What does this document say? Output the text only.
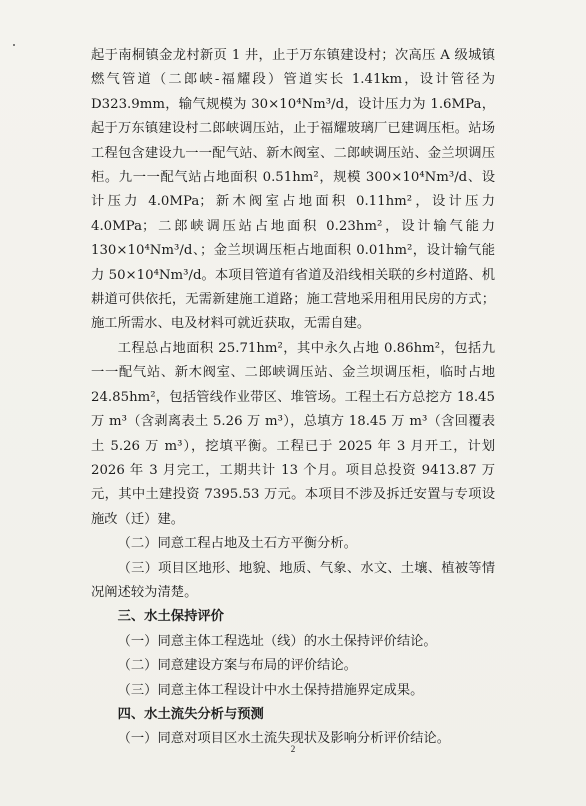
起于南桐镇金龙村新页 1 井，止于万东镇建设村；次高压 A 级城镇燃气管道（二郎峡-福耀段）管道实长 1.41km，设计管径为 D323.9mm，输气规模为 30×10⁴Nm³/d，设计压力为 1.6MPa，起于万东镇建设村二郎峡调压站，止于福耀玻璃厂已建调压柜。站场工程包含建设九一一配气站、新木阀室、二郎峡调压站、金兰坝调压柜。九一一配气站占地面积 0.51hm²，规模 300×10⁴Nm³/d、设计压力 4.0MPa；新木阀室占地面积 0.11hm²，设计压力 4.0MPa；二郎峡调压站占地面积 0.23hm²，设计输气能力 130×10⁴Nm³/d、；金兰坝调压柜占地面积 0.01hm²，设计输气能力 50×10⁴Nm³/d。本项目管道有省道及沿线相关联的乡村道路、机耕道可供依托，无需新建施工道路；施工营地采用租用民房的方式；施工所需水、电及材料可就近获取，无需自建。

工程总占地面积 25.71hm²，其中永久占地 0.86hm²，包括九一一配气站、新木阀室、二郎峡调压站、金兰坝调压柜，临时占地 24.85hm²，包括管线作业带区、堆管场。工程土石方总挖方 18.45 万 m³（含剥离表土 5.26 万 m³），总填方 18.45 万 m³（含回覆表土 5.26 万 m³），挖填平衡。工程已于 2025 年 3 月开工，计划 2026 年 3 月完工，工期共计 13 个月。项目总投资 9413.87 万元，其中土建投资 7395.53 万元。本项目不涉及拆迁安置与专项设施改（迁）建。

（二）同意工程占地及土石方平衡分析。

（三）项目区地形、地貌、地质、气象、水文、土壤、植被等情况阐述较为清楚。

三、水土保持评价

（一）同意主体工程选址（线）的水土保持评价结论。

（二）同意建设方案与布局的评价结论。

（三）同意主体工程设计中水土保持措施界定成果。

四、水土流失分析与预测

（一）同意对项目区水土流失现状及影响分析评价结论。

2
